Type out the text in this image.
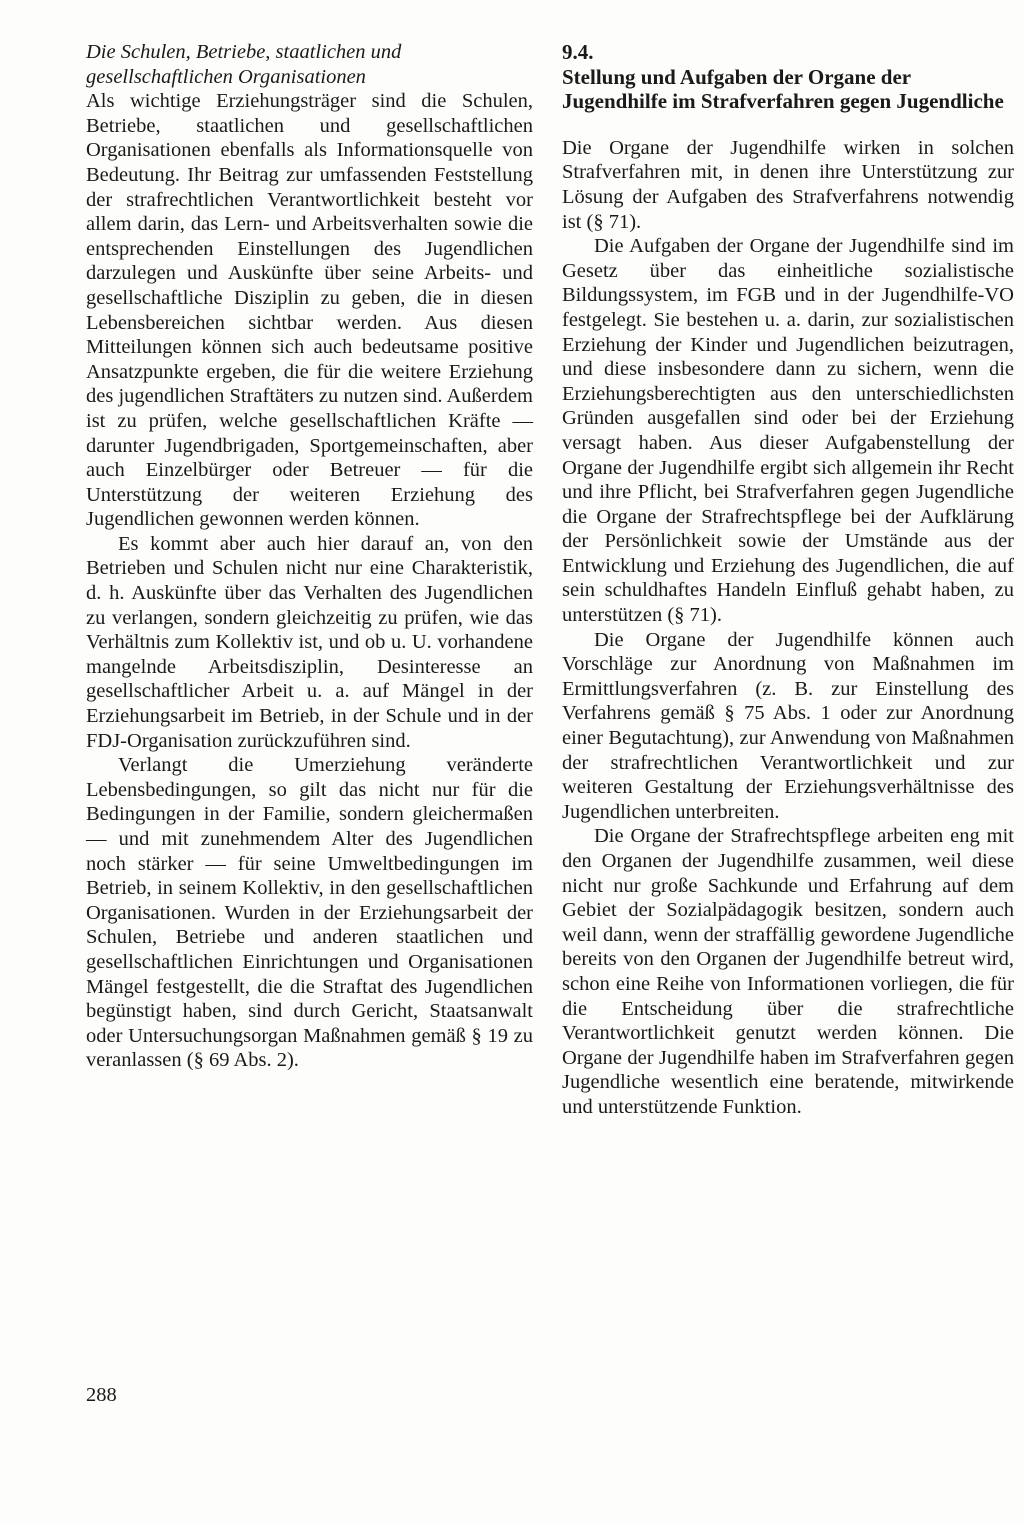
Die Schulen, Betriebe, staatlichen und gesellschaftlichen Organisationen

Als wichtige Erziehungsträger sind die Schulen, Betriebe, staatlichen und gesellschaftlichen Organisationen ebenfalls als Informationsquelle von Bedeutung. Ihr Beitrag zur umfassenden Feststellung der strafrechtlichen Verantwortlichkeit besteht vor allem darin, das Lern- und Arbeitsverhalten sowie die entsprechenden Einstellungen des Jugendlichen darzulegen und Auskünfte über seine Arbeits- und gesellschaftliche Disziplin zu geben, die in diesen Lebensbereichen sichtbar werden. Aus diesen Mitteilungen können sich auch bedeutsame positive Ansatzpunkte ergeben, die für die weitere Erziehung des jugendlichen Straftäters zu nutzen sind. Außerdem ist zu prüfen, welche gesellschaftlichen Kräfte — darunter Jugendbrigaden, Sportgemeinschaften, aber auch Einzelbürger oder Betreuer — für die Unterstützung der weiteren Erziehung des Jugendlichen gewonnen werden können.

Es kommt aber auch hier darauf an, von den Betrieben und Schulen nicht nur eine Charakteristik, d. h. Auskünfte über das Verhalten des Jugendlichen zu verlangen, sondern gleichzeitig zu prüfen, wie das Verhältnis zum Kollektiv ist, und ob u. U. vorhandene mangelnde Arbeitsdisziplin, Desinteresse an gesellschaftlicher Arbeit u. a. auf Mängel in der Erziehungsarbeit im Betrieb, in der Schule und in der FDJ-Organisation zurückzuführen sind.

Verlangt die Umerziehung veränderte Lebensbedingungen, so gilt das nicht nur für die Bedingungen in der Familie, sondern gleichermaßen — und mit zunehmendem Alter des Jugendlichen noch stärker — für seine Umweltbedingungen im Betrieb, in seinem Kollektiv, in den gesellschaftlichen Organisationen. Wurden in der Erziehungsarbeit der Schulen, Betriebe und anderen staatlichen und gesellschaftlichen Einrichtungen und Organisationen Mängel festgestellt, die die Straftat des Jugendlichen begünstigt haben, sind durch Gericht, Staatsanwalt oder Untersuchungsorgan Maßnahmen gemäß § 19 zu veranlassen (§ 69 Abs. 2).

9.4.

Stellung und Aufgaben der Organe der Jugendhilfe im Strafverfahren gegen Jugendliche

Die Organe der Jugendhilfe wirken in solchen Strafverfahren mit, in denen ihre Unterstützung zur Lösung der Aufgaben des Strafverfahrens notwendig ist (§ 71).

Die Aufgaben der Organe der Jugendhilfe sind im Gesetz über das einheitliche sozialistische Bildungssystem, im FGB und in der Jugendhilfe-VO festgelegt. Sie bestehen u. a. darin, zur sozialistischen Erziehung der Kinder und Jugendlichen beizutragen, und diese insbesondere dann zu sichern, wenn die Erziehungsberechtigten aus den unterschiedlichsten Gründen ausgefallen sind oder bei der Erziehung versagt haben. Aus dieser Aufgabenstellung der Organe der Jugendhilfe ergibt sich allgemein ihr Recht und ihre Pflicht, bei Strafverfahren gegen Jugendliche die Organe der Strafrechtspflege bei der Aufklärung der Persönlichkeit sowie der Umstände aus der Entwicklung und Erziehung des Jugendlichen, die auf sein schuldhaftes Handeln Einfluß gehabt haben, zu unterstützen (§ 71).

Die Organe der Jugendhilfe können auch Vorschläge zur Anordnung von Maßnahmen im Ermittlungsverfahren (z. B. zur Einstellung des Verfahrens gemäß § 75 Abs. 1 oder zur Anordnung einer Begutachtung), zur Anwendung von Maßnahmen der strafrechtlichen Verantwortlichkeit und zur weiteren Gestaltung der Erziehungsverhältnisse des Jugendlichen unterbreiten.

Die Organe der Strafrechtspflege arbeiten eng mit den Organen der Jugendhilfe zusammen, weil diese nicht nur große Sachkunde und Erfahrung auf dem Gebiet der Sozialpädagogik besitzen, sondern auch weil dann, wenn der straffällig gewordene Jugendliche bereits von den Organen der Jugendhilfe betreut wird, schon eine Reihe von Informationen vorliegen, die für die Entscheidung über die strafrechtliche Verantwortlichkeit genutzt werden können. Die Organe der Jugendhilfe haben im Strafverfahren gegen Jugendliche wesentlich eine beratende, mitwirkende und unterstützende Funktion.

288
